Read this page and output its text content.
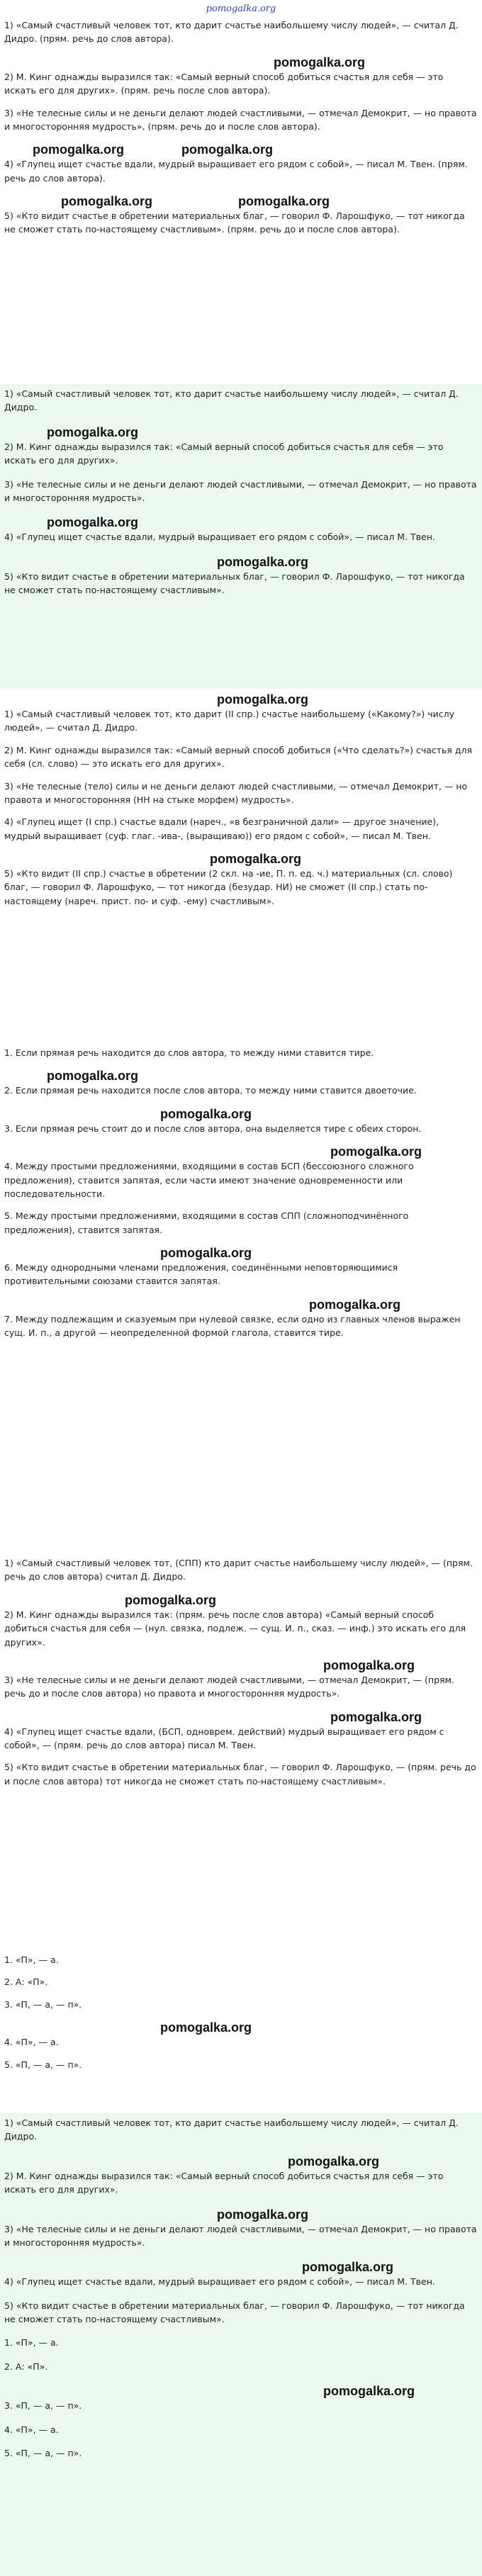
pomogalka.org

1) «Самый счастливый человек тот, кто дарит счастье наибольшему числу людей», — считал Д. Дидро. (прям. речь до слов автора).

pomogalka.org

2) М. Кинг однажды выразился так: «Самый верный способ добиться счастья для себя — это искать его для других». (прям. речь после слов автора).

3) «Не телесные силы и не деньги делают людей счастливыми, — отмечал Демокрит, — но правота и многосторонняя мудрость». (прям. речь до и после слов автора).

pomogalka.org	pomogalka.org

4) «Глупец ищет счастье вдали, мудрый выращивает его рядом с собой», — писал М. Твен. (прям. речь до слов автора).

pomogalka.org	pomogalka.org

5) «Кто видит счастье в обретении материальных благ, — говорил Ф. Ларошфуко, — тот никогда не сможет стать по-настоящему счастливым». (прям. речь до и после слов автора).

1) «Самый счастливый человек тот, кто дарит счастье наибольшему числу людей», — считал Д. Дидро.

pomogalka.org

2) М. Кинг однажды выразился так: «Самый верный способ добиться счастья для себя — это искать его для других».

3) «Не телесные силы и не деньги делают людей счастливыми, — отмечал Демокрит, — но правота и многосторонняя мудрость».

pomogalka.org

4) «Глупец ищет счастье вдали, мудрый выращивает его рядом с собой», — писал М. Твен.

pomogalka.org

5) «Кто видит счастье в обретении материальных благ, — говорил Ф. Ларошфуко, — тот никогда не сможет стать по-настоящему счастливым».

pomogalka.org

1) «Самый счастливый человек тот, кто дарит (II спр.) счастье наибольшему («Какому?») числу людей», — считал Д. Дидро.

2) М. Кинг однажды выразился так: «Самый верный способ добиться («Что сделать?») счастья для себя (сл. слово) — это искать его для других».

3) «Не телесные (тело) силы и не деньги делают людей счастливыми, — отмечал Демокрит, — но правота и многосторонняя (НН на стыке морфем) мудрость».

4) «Глупец ищет (I спр.) счастье вдали (нареч., «в безграничной дали» — другое значение), мудрый выращивает (суф. глаг. -ива-, (выращиваю)) его рядом с собой», — писал М. Твен.

pomogalka.org

5) «Кто видит (II спр.) счастье в обретении (2 скл. на -ие, П. п. ед. ч.) материальных (сл. слово) благ, — говорил Ф. Ларошфуко, — тот никогда (безудар. НИ) не сможет (II спр.) стать по-настоящему (нареч. прист. по- и суф. -ему) счастливым».

1. Если прямая речь находится до слов автора, то между ними ставится тире.

pomogalka.org

2. Если прямая речь находится после слов автора, то между ними ставится двоеточие.

pomogalka.org

3. Если прямая речь стоит до и после слов автора, она выделяется тире с обеих сторон.

pomogalka.org

4. Между простыми предложениями, входящими в состав БСП (бессоюзного сложного предложения), ставится запятая, если части имеют значение одновременности или последовательности.

5. Между простыми предложениями, входящими в состав СПП (сложноподчинённого предложения), ставится запятая.

pomogalka.org

6. Между однородными членами предложения, соединёнными неповторяющимися противительными союзами ставится запятая.

pomogalka.org

7. Между подлежащим и сказуемым при нулевой связке, если одно из главных членов выражен сущ. И. п., а другой — неопределенной формой глагола, ставится тире.

1) «Самый счастливый человек тот, (СПП) кто дарит счастье наибольшему числу людей», — (прям. речь до слов автора) считал Д. Дидро.

pomogalka.org

2) М. Кинг однажды выразился так: (прям. речь после слов автора) «Самый верный способ добиться счастья для себя — (нул. связка, подлеж. — сущ. И. п., сказ. — инф.) это искать его для других».

pomogalka.org

3) «Не телесные силы и не деньги делают людей счастливыми, — отмечал Демокрит, — (прям. речь до и после слов автора) но правота и многосторонняя мудрость».

pomogalka.org

4) «Глупец ищет счастье вдали, (БСП, одноврем. действий) мудрый выращивает его рядом с собой», — (прям. речь до слов автора) писал М. Твен.

5) «Кто видит счастье в обретении материальных благ, — говорил Ф. Ларошфуко, — (прям. речь до и после слов автора) тот никогда не сможет стать по-настоящему счастливым».

1. «П», — а.

2. А: «П».

3. «П, — а, — п».

pomogalka.org

4. «П», — а.

5. «П, — а, — п».

1) «Самый счастливый человек тот, кто дарит счастье наибольшему числу людей», — считал Д. Дидро.

pomogalka.org

2) М. Кинг однажды выразился так: «Самый верный способ добиться счастья для себя — это искать его для других».

pomogalka.org

3) «Не телесные силы и не деньги делают людей счастливыми, — отмечал Демокрит, — но правота и многосторонняя мудрость».

pomogalka.org

4) «Глупец ищет счастье вдали, мудрый выращивает его рядом с собой», — писал М. Твен.

5) «Кто видит счастье в обретении материальных благ, — говорил Ф. Ларошфуко, — тот никогда не сможет стать по-настоящему счастливым».

1. «П», — а.

2. А: «П».

pomogalka.org

3. «П, — а, — п».

4. «П», — а.

5. «П, — а, — п».
